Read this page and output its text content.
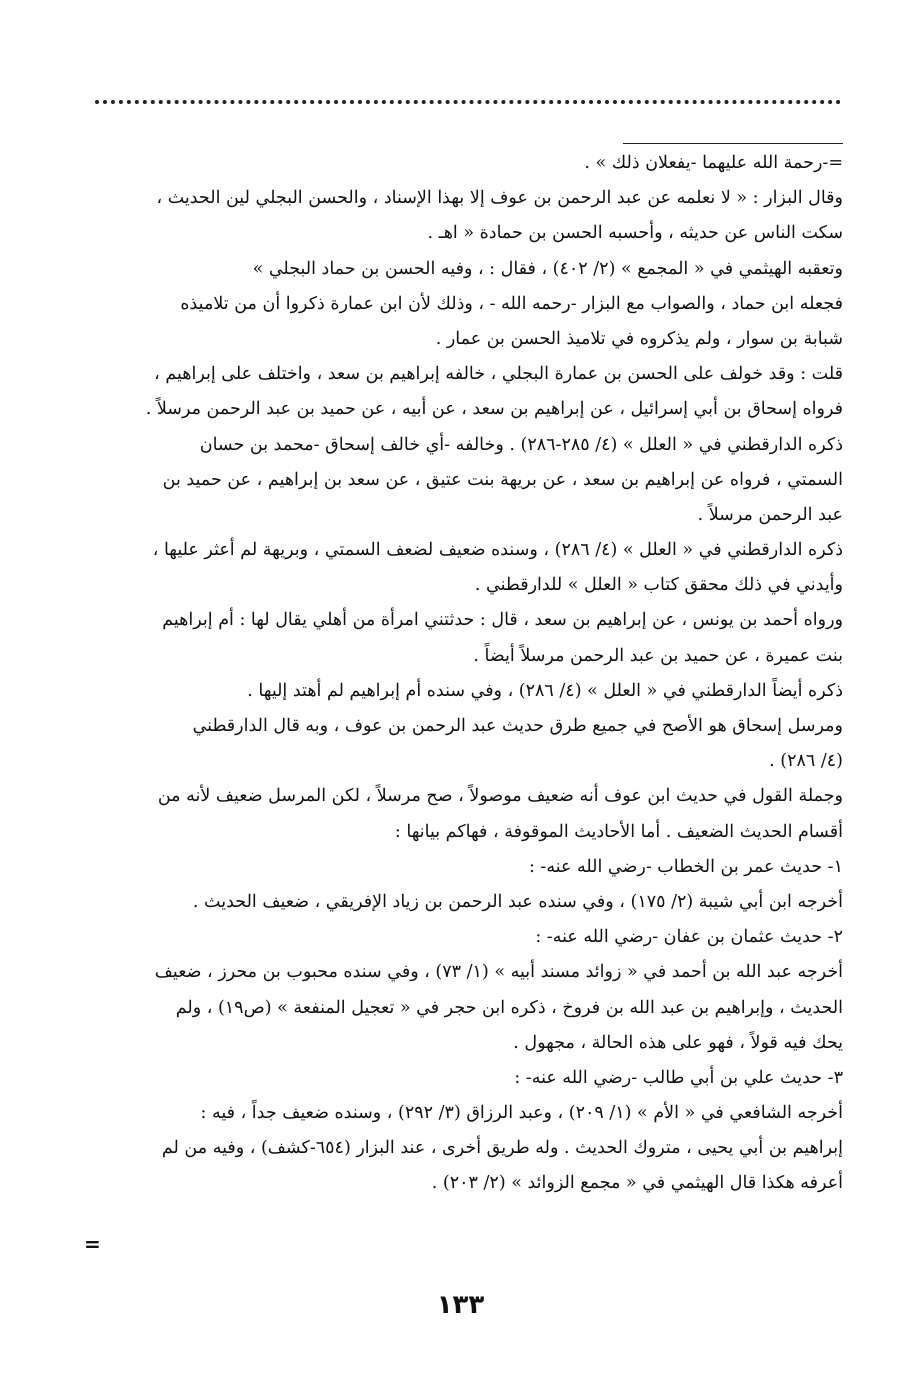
=-رحمة الله عليهما -يفعلان ذلك » .
وقال البزار : « لا نعلمه عن عبد الرحمن بن عوف إلا بهذا الإسناد ، والحسن البجلي لين الحديث ،
سكت الناس عن حديثه ، وأحسبه الحسن بن حمادة « اهـ .
وتعقبه الهيثمي في « المجمع » (٢/ ٤٠٢) ، فقال : ، وفيه الحسن بن حماد البجلي »
فجعله ابن حماد ، والصواب مع البزار -رحمه الله - ، وذلك لأن ابن عمارة ذكروا أن من تلاميذه
شبابة بن سوار ، ولم يذكروه في تلاميذ الحسن بن عمار .
قلت : وقد خولف على الحسن بن عمارة البجلي ، خالفه إبراهيم بن سعد ، واختلف على إبراهيم ،
فرواه إسحاق بن أبي إسرائيل ، عن إبراهيم بن سعد ، عن أبيه ، عن حميد بن عبد الرحمن مرسلاً .
ذكره الدارقطني في « العلل » (٤/ ٢٨٥-٢٨٦) . وخالفه -أي خالف إسحاق -محمد بن حسان
السمتي ، فرواه عن إبراهيم بن سعد ، عن بريهة بنت عتيق ، عن سعد بن إبراهيم ، عن حميد بن
عبد الرحمن مرسلاً .
ذكره الدارقطني في « العلل » (٤/ ٢٨٦) ، وسنده ضعيف لضعف السمتي ، وبريهة لم أعثر عليها ،
وأيدني في ذلك محقق كتاب « العلل » للدارقطني .
ورواه أحمد بن يونس ، عن إبراهيم بن سعد ، قال : حدثتني امرأة من أهلي يقال لها : أم إبراهيم
بنت عميرة ، عن حميد بن عبد الرحمن مرسلاً أيضاً .
ذكره أيضاً الدارقطني في « العلل » (٤/ ٢٨٦) ، وفي سنده أم إبراهيم لم أهتد إليها .
ومرسل إسحاق هو الأصح في جميع طرق حديث عبد الرحمن بن عوف ، وبه قال الدارقطني
(٤/ ٢٨٦) .
وجملة القول في حديث ابن عوف أنه ضعيف موصولاً ، صح مرسلاً ، لكن المرسل ضعيف لأنه من
أقسام الحديث الضعيف . أما الأحاديث الموقوفة ، فهاكم بيانها :
١- حديث عمر بن الخطاب -رضي الله عنه- :
أخرجه ابن أبي شيبة (٢/ ١٧٥) ، وفي سنده عبد الرحمن بن زياد الإفريقي ، ضعيف الحديث .
٢- حديث عثمان بن عفان -رضي الله عنه- :
أخرجه عبد الله بن أحمد في « زوائد مسند أبيه » (١/ ٧٣) ، وفي سنده محبوب بن محرز ، ضعيف
الحديث ، وإبراهيم بن عبد الله بن فروخ ، ذكره ابن حجر في « تعجيل المنفعة » (ص١٩) ، ولم
يحك فيه قولاً ، فهو على هذه الحالة ، مجهول .
٣- حديث علي بن أبي طالب -رضي الله عنه- :
أخرجه الشافعي في « الأم » (١/ ٢٠٩) ، وعبد الرزاق (٣/ ٢٩٢) ، وسنده ضعيف جداً ، فيه :
إبراهيم بن أبي يحيى ، متروك الحديث . وله طريق أخرى ، عند البزار (٦٥٤-كشف) ، وفيه من لم
أعرفه هكذا قال الهيثمي في « مجمع الزوائد » (٢/ ٢٠٣) .
=
١٣٣
